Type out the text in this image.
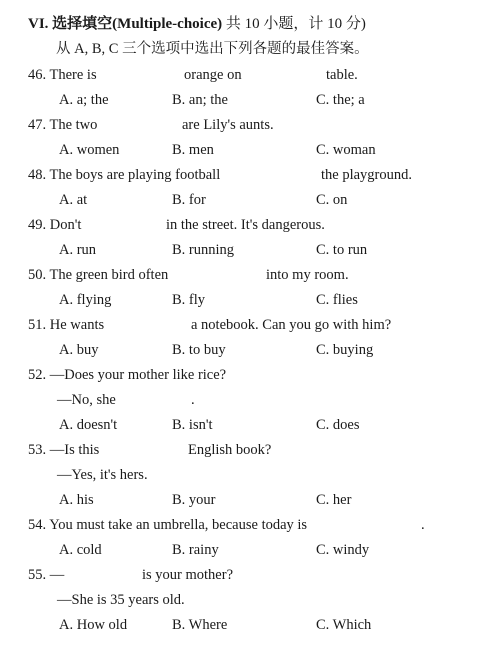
VI. 选择填空(Multiple-choice) 共 10 小题，计 10 分)
从 A, B, C 三个选项中选出下列各题的最佳答案。
46. There is	orange on	table.
A. a; the	B. an; the	C. the; a
47. The two	are Lily's aunts.
A. women	B. men	C. woman
48. The boys are playing football	the playground.
A. at	B. for	C. on
49. Don't	in the street. It's dangerous.
A. run	B. running	C. to run
50. The green bird often	into my room.
A. flying	B. fly	C. flies
51. He wants	a notebook. Can you go with him?
A. buy	B. to buy	C. buying
52. —Does your mother like rice?
—No, she	.
A. doesn't	B. isn't	C. does
53. —Is this	English book?
—Yes, it's hers.
A. his	B. your	C. her
54. You must take an umbrella, because today is	.
A. cold	B. rainy	C. windy
55. —	is your mother?
—She is 35 years old.
A. How old	B. Where	C. Which
